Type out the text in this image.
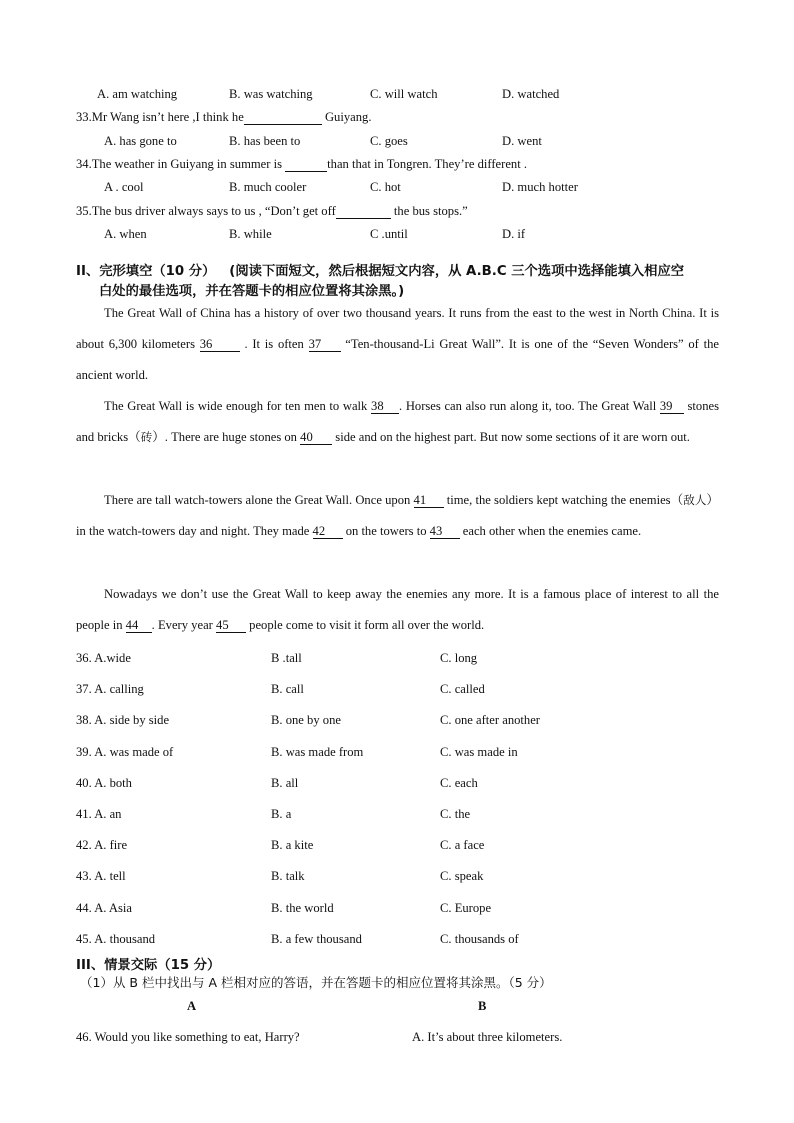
A. am watching	B. was watching	C. will watch	D. watched
33.Mr Wang isn’t here ,I think he	Guiyang.
A. has gone to	B. has been to	C. goes	D. went
34.The weather in Guiyang in summer is	than that in Tongren. They’re different .
A . cool	B. much cooler	C. hot	D. much hotter
35.The bus driver always says to us , “Don’t get off	the bus stops.”
A. when	B. while	C .until	D. if
II、完形填空（10 分） (阅读下面短文，然后根据短文内容，从 A.B.C 三个选项中选择能填入相应空
白处的最佳选项，并在答题卡的相应位置将其涂黑。)
The Great Wall of China has a history of over two thousand years. It runs from the east to the west in North China. It is about 6,300 kilometers 36 . It is often 37 “Ten-thousand-Li Great Wall”. It is one of the “Seven Wonders” of the ancient world.
The Great Wall is wide enough for ten men to walk 38 . Horses can also run along it, too. The Great Wall 39 stones and bricks（砖）. There are huge stones on 40 side and on the highest part. But now some sections of it are worn out.
There are tall watch-towers alone the Great Wall. Once upon 41 time, the soldiers kept watching the enemies（敌人） in the watch-towers day and night. They made 42 on the towers to 43 each other when the enemies came.
Nowadays we don’t use the Great Wall to keep away the enemies any more. It is a famous place of interest to all the people in 44 . Every year 45 people come to visit it form all over the world.
36. A.wide	B .tall	C. long
37. A. calling	B. call	C. called
38. A. side by side	B. one by one	C. one after another
39. A. was made of	B. was made from	C. was made in
40. A. both	B. all	C. each
41. A. an	B. a	C. the
42. A. fire	B. a kite	C. a face
43. A. tell	B. talk	C. speak
44. A. Asia	B. the world	C. Europe
45. A. thousand	B. a few thousand	C. thousands of
III、情景交际（15 分）
（1）从 B 栏中找出与 A 栏相对应的答语，并在答题卡的相应位置将其涂黑。（5 分）
A	B
46. Would you like something to eat, Harry?	A. It’s about three kilometers.
